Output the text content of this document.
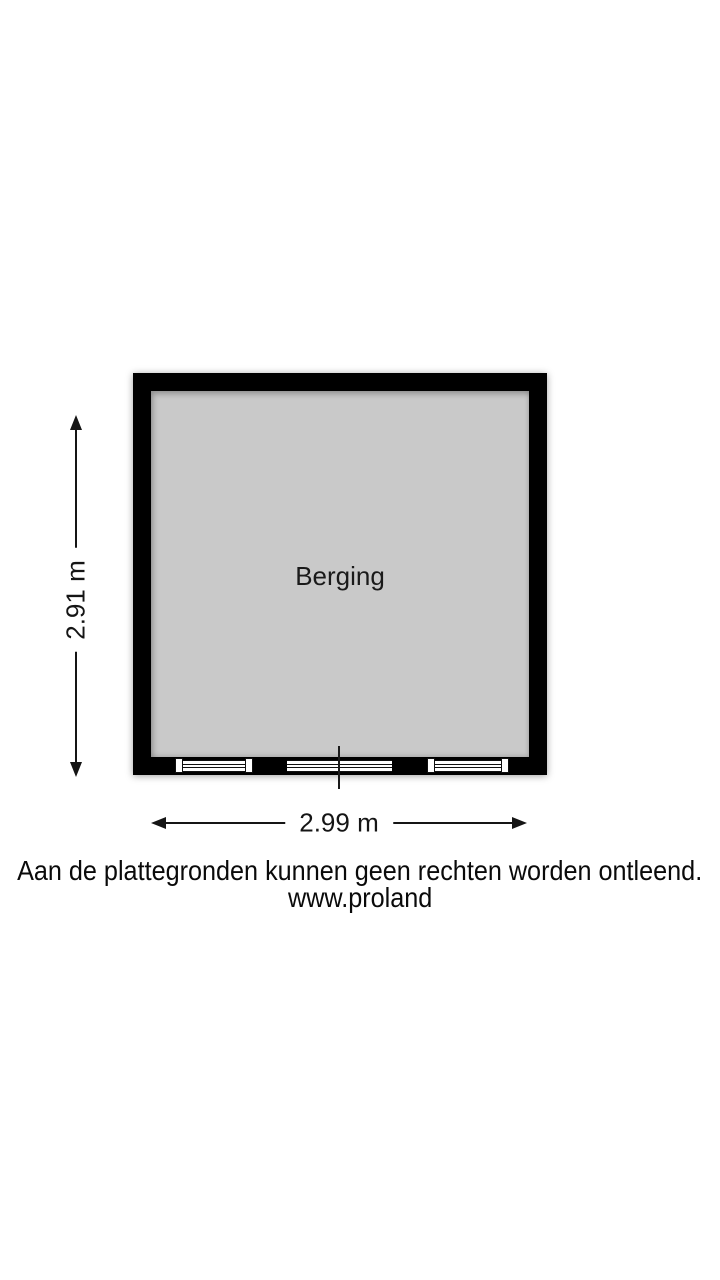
Berging
2.91 m
2.99 m
Aan de plattegronden kunnen geen rechten worden ontleend.
www.proland
